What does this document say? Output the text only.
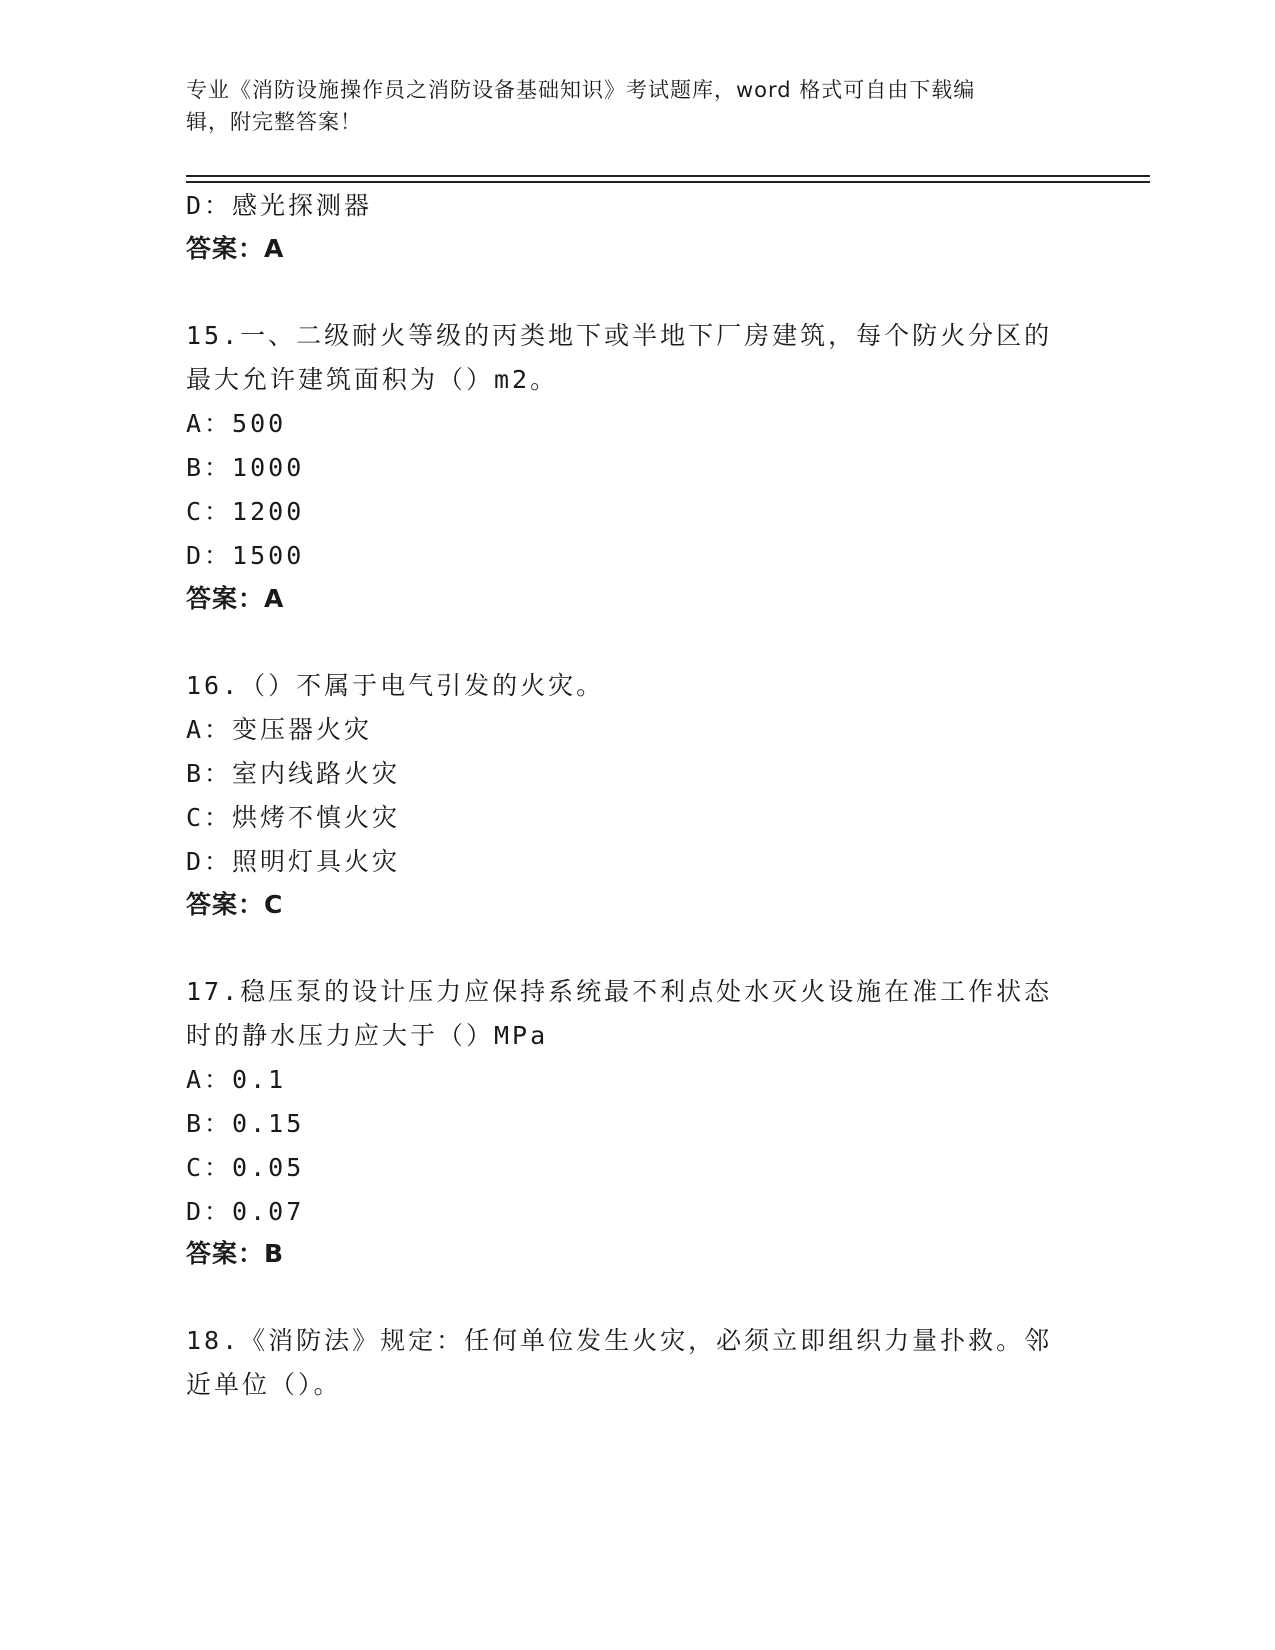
专业《消防设施操作员之消防设备基础知识》考试题库，word 格式可自由下载编
辑，附完整答案！
D：感光探测器
答案：A
15.一、二级耐火等级的丙类地下或半地下厂房建筑，每个防火分区的
最大允许建筑面积为（）m2。
A：500
B：1000
C：1200
D：1500
答案：A
16.（）不属于电气引发的火灾。
A：变压器火灾
B：室内线路火灾
C：烘烤不慎火灾
D：照明灯具火灾
答案：C
17.稳压泵的设计压力应保持系统最不利点处水灭火设施在准工作状态
时的静水压力应大于（）MPa
A：0.1
B：0.15
C：0.05
D：0.07
答案：B
18.《消防法》规定：任何单位发生火灾，必须立即组织力量扑救。邻
近单位（）。
